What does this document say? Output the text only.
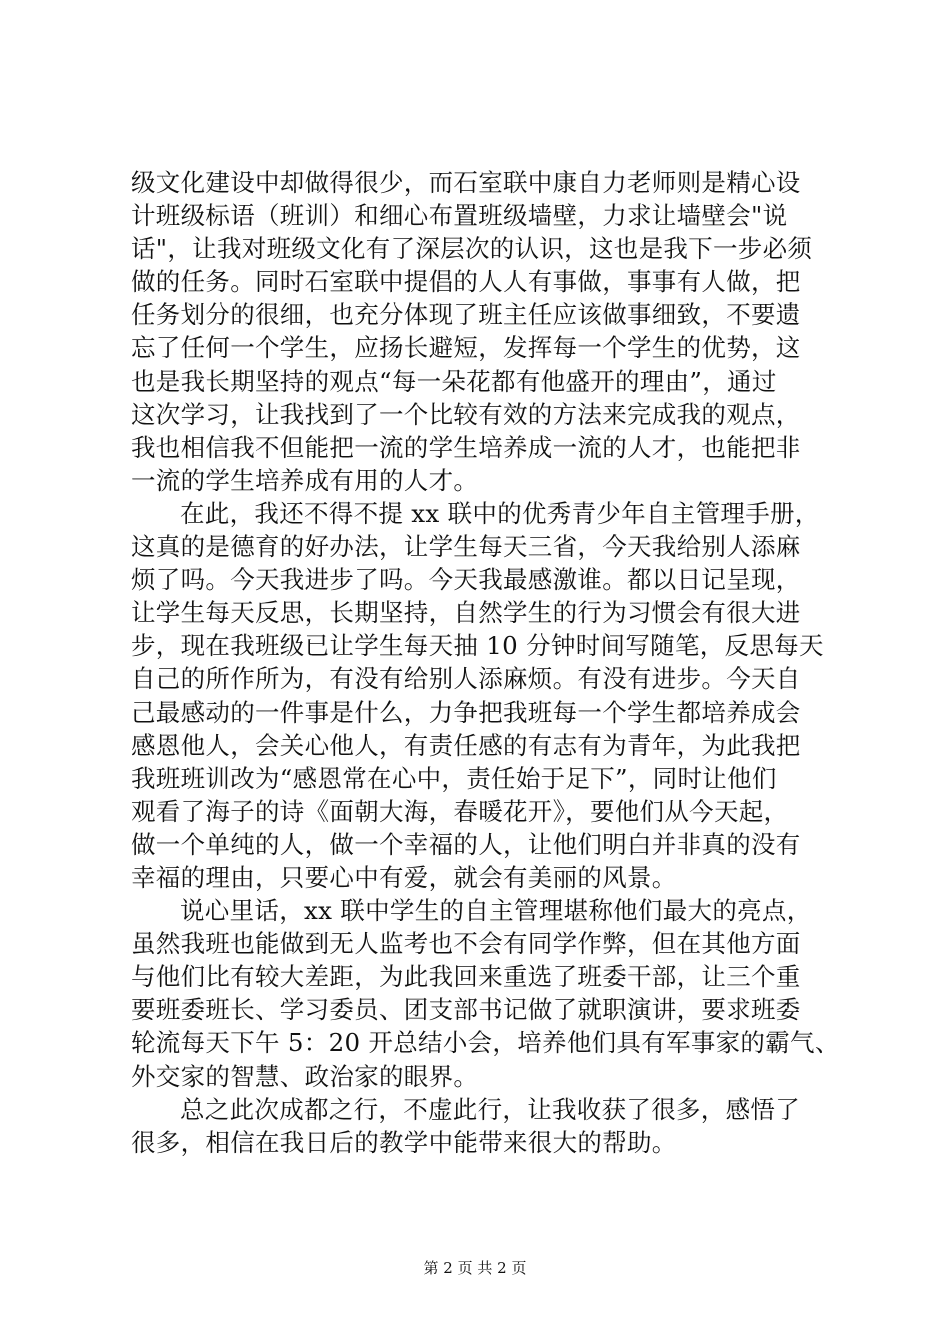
级文化建设中却做得很少，而石室联中康自力老师则是精心设
计班级标语（班训）和细心布置班级墙壁，力求让墙壁会"说
话"，让我对班级文化有了深层次的认识，这也是我下一步必须
做的任务。同时石室联中提倡的人人有事做，事事有人做，把
任务划分的很细，也充分体现了班主任应该做事细致，不要遗
忘了任何一个学生，应扬长避短，发挥每一个学生的优势，这
也是我长期坚持的观点“每一朵花都有他盛开的理由”，通过
这次学习，让我找到了一个比较有效的方法来完成我的观点，
我也相信我不但能把一流的学生培养成一流的人才，也能把非
一流的学生培养成有用的人才。

在此，我还不得不提 xx 联中的优秀青少年自主管理手册，
这真的是德育的好办法，让学生每天三省，今天我给别人添麻
烦了吗。今天我进步了吗。今天我最感激谁。都以日记呈现，
让学生每天反思，长期坚持，自然学生的行为习惯会有很大进
步，现在我班级已让学生每天抽 10 分钟时间写随笔，反思每天
自己的所作所为，有没有给别人添麻烦。有没有进步。今天自
己最感动的一件事是什么，力争把我班每一个学生都培养成会
感恩他人，会关心他人，有责任感的有志有为青年，为此我把
我班班训改为“感恩常在心中，责任始于足下”，同时让他们
观看了海子的诗《面朝大海，春暖花开》，要他们从今天起，
做一个单纯的人，做一个幸福的人，让他们明白并非真的没有
幸福的理由，只要心中有爱，就会有美丽的风景。

说心里话，xx 联中学生的自主管理堪称他们最大的亮点，
虽然我班也能做到无人监考也不会有同学作弊，但在其他方面
与他们比有较大差距，为此我回来重选了班委干部，让三个重
要班委班长、学习委员、团支部书记做了就职演讲，要求班委
轮流每天下午 5：20 开总结小会，培养他们具有军事家的霸气、
外交家的智慧、政治家的眼界。

总之此次成都之行，不虚此行，让我收获了很多，感悟了
很多，相信在我日后的教学中能带来很大的帮助。

第 2 页 共 2 页
